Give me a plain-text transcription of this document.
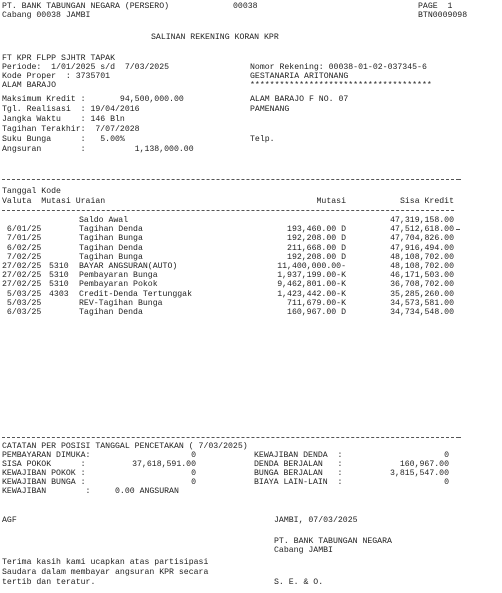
PT. BANK TABUNGAN NEGARA (PERSERO)	00038	PAGE  1
Cabang 00038 JAMBI	BTN0009098
SALINAN REKENING KORAN KPR
FT KPR FLPP SJHTR TAPAK
Periode:  1/01/2025 s/d  7/03/2025
Kode Proper  : 3735701
ALAM BARAJO
Maksimum Kredit :       94,500,000.00
Tgl. Realisasi  : 19/04/2016
Jangka Waktu    : 146 Bln
Tagihan Terakhir:  7/07/2028
Suku Bunga      :   5.00%
Angsuran        :          1,138,000.00
Nomor Rekening: 00038-01-02-037345-6
GESTANARIA ARITONANG
*************************************
ALAM BARAJO F NO. 07
PAMENANG
Telp.
Tanggal Kode
Valuta  Mutasi Uraian	Mutasi	Sisa Kredit
Saldo Awal	47,319,158.00
6/01/25	Tagihan Denda	193,460.00 D	47,512,618.00
7/01/25	Tagihan Bunga	192,208.00 D	47,704,826.00
6/02/25	Tagihan Denda	211,668.00 D	47,916,494.00
7/02/25	Tagihan Bunga	192,208.00 D	48,108,702.00
27/02/25 5310 BAYAR ANGSURAN(AUTO)	11,400,000.00-	48,108,702.00
27/02/25 5310 Pembayaran Bunga	1,937,199.00-K	46,171,503.00
27/02/25 5310 Pembayaran Pokok	9,462,801.00-K	36,708,702.00
5/03/25 4303 Credit-Denda Tertunggak	1,423,442.00-K	35,285,260.00
5/03/25	REV-Tagihan Bunga	711,679.00-K	34,573,581.00
6/03/25	Tagihan Denda	160,967.00 D	34,734,548.00
CATATAN PER POSISI TANGGAL PENCETAKAN ( 7/03/2025)
PEMBAYARAN DIMUKA:	0
SISA POKOK      :	37,618,591.00
KEWAJIBAN POKOK :	0
KEWAJIBAN BUNGA :	0
KEWAJIBAN        :     0.00 ANGSURAN
KEWAJIBAN DENDA  :	0
DENDA BERJALAN   :	160,967.00
BUNGA BERJALAN   :	3,815,547.00
BIAYA LAIN-LAIN  :	0
AGF	JAMBI, 07/03/2025
PT. BANK TABUNGAN NEGARA
Cabang JAMBI
Terima kasih kami ucapkan atas partisipasi
Saudara dalam membayar angsuran KPR secara
tertib dan teratur.	S. E. & O.
